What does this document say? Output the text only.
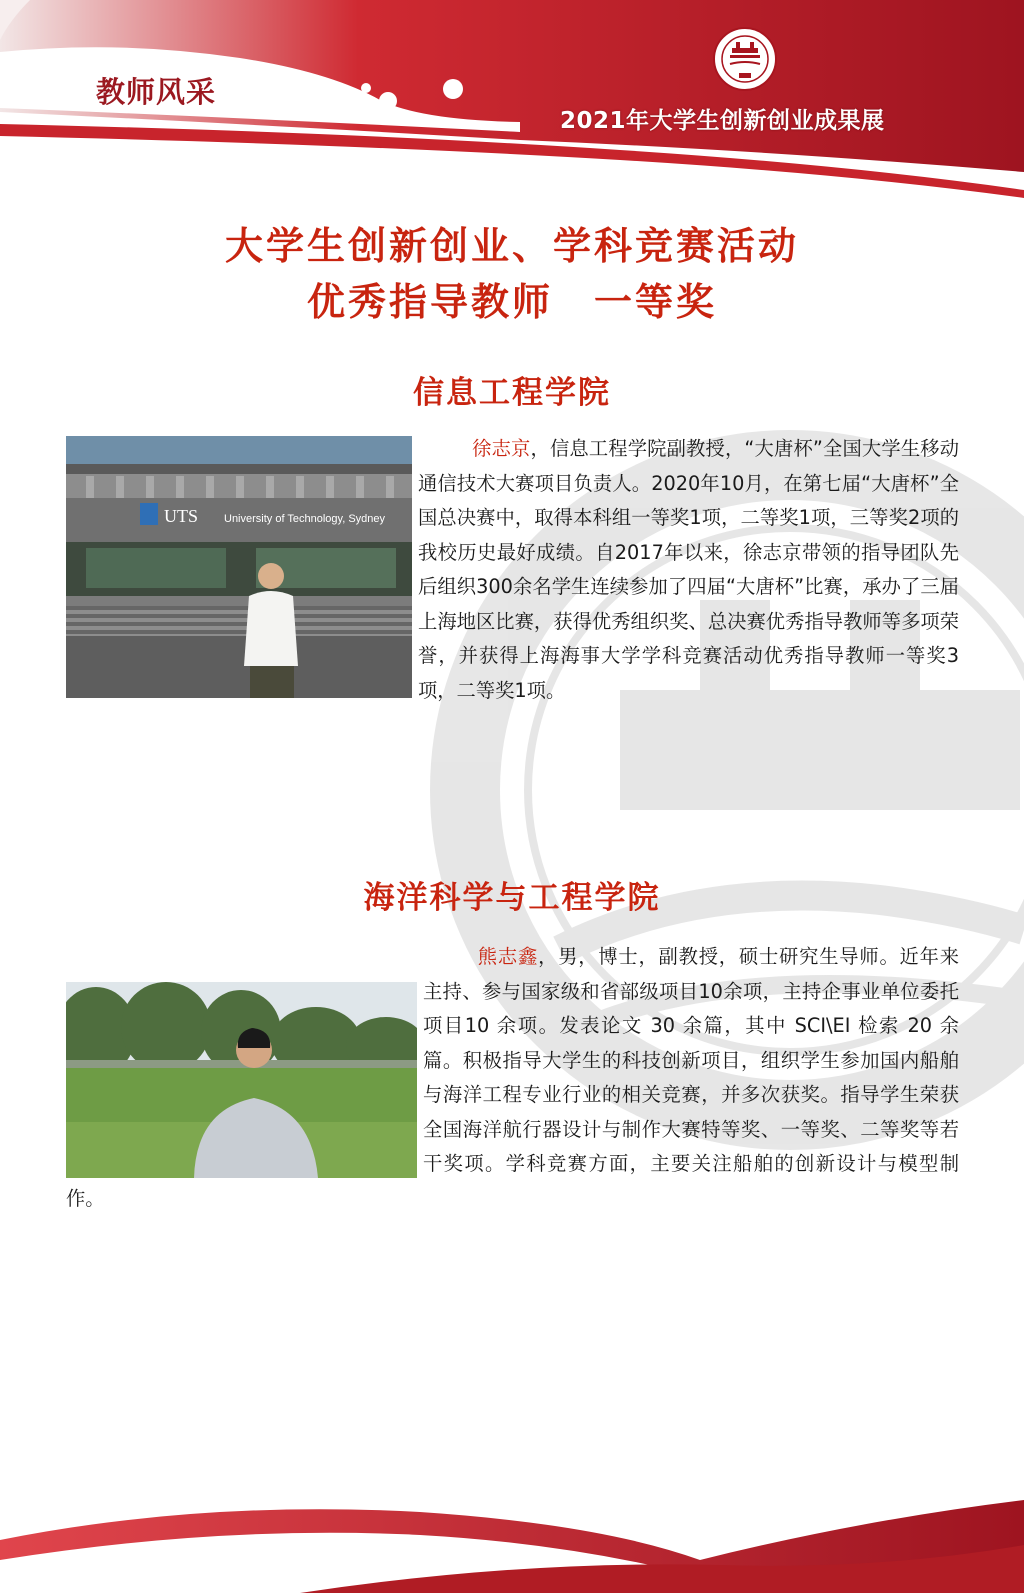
教师风采
2021年大学生创新创业成果展
大学生创新创业、学科竞赛活动
优秀指导教师　一等奖
信息工程学院
UTS University of Technology, Sydney
徐志京，信息工程学院副教授，“大唐杯”全国大学生移动通信技术大赛项目负责人。2020年10月，在第七届“大唐杯”全国总决赛中，取得本科组一等奖1项，二等奖1项，三等奖2项的我校历史最好成绩。自2017年以来，徐志京带领的指导团队先后组织300余名学生连续参加了四届“大唐杯”比赛，承办了三届上海地区比赛，获得优秀组织奖、总决赛优秀指导教师等多项荣誉，并获得上海海事大学学科竞赛活动优秀指导教师一等奖3项，二等奖1项。
海洋科学与工程学院
熊志鑫，男，博士，副教授，硕士研究生导师。近年来主持、参与国家级和省部级项目10余项，主持企事业单位委托项目10 余项。发表论文 30 余篇，其中 SCI\EI 检索 20 余篇。积极指导大学生的科技创新项目，组织学生参加国内船舶与海洋工程专业行业的相关竞赛，并多次获奖。指导学生荣获全国海洋航行器设计与制作大赛特等奖、一等奖、二等奖等若干奖项。学科竞赛方面，主要关注船舶的创新设计与模型制作。
